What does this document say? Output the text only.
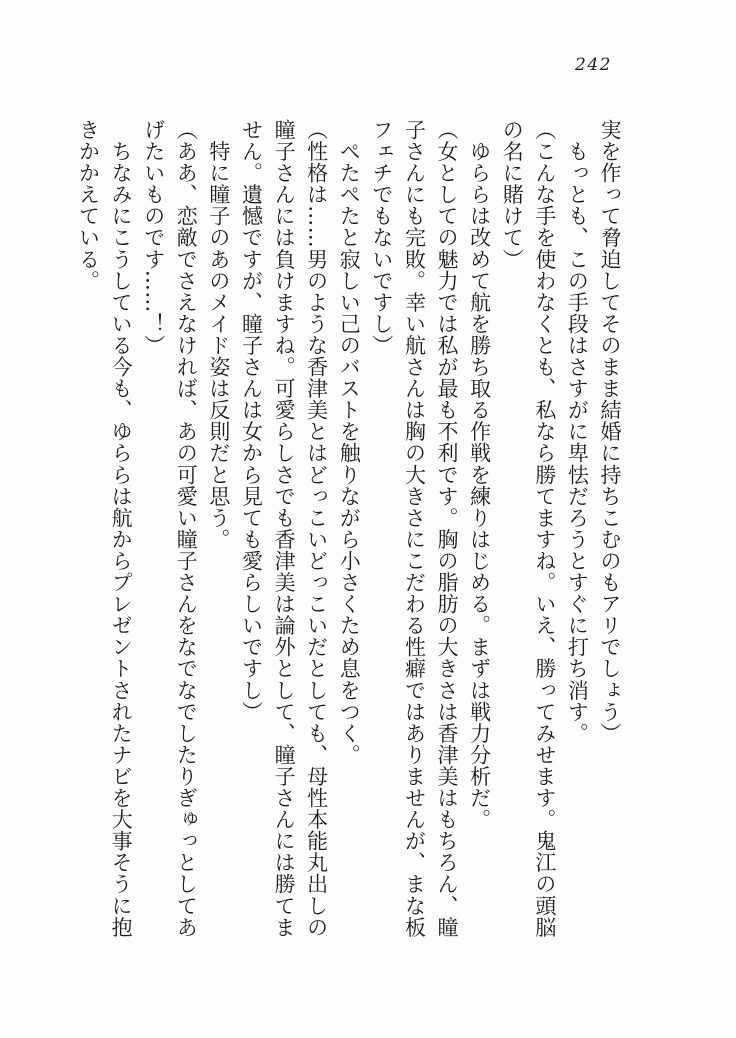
242
実を作って脅迫してそのまま結婚に持ちこむのもアリでしょう）
　もっとも、この手段はさすがに卑怯だろうとすぐに打ち消す。
（こんな手を使わなくとも、私なら勝てますね。いえ、勝ってみせます。鬼江の頭脳
の名に賭けて）
　ゆららは改めて航を勝ち取る作戦を練りはじめる。まずは戦力分析だ。
（女としての魅力では私が最も不利です。胸の脂肪の大きさは香津美はもちろん、瞳
子さんにも完敗。幸い航さんは胸の大きさにこだわる性癖ではありませんが、まな板
フェチでもないですし）
　ぺたぺたと寂しい己のバストを触りながら小さくため息をつく。
（性格は……男のような香津美とはどっこいどっこいだとしても、母性本能丸出しの
瞳子さんには負けますね。可愛らしさでも香津美は論外として、瞳子さんには勝てま
せん。遺憾ですが、瞳子さんは女から見ても愛らしいですし）
　特に瞳子のあのメイド姿は反則だと思う。
（ああ、恋敵でさえなければ、あの可愛い瞳子さんをなでなでしたりぎゅっとしてあ
げたいものです……！）
　ちなみにこうしている今も、ゆららは航からプレゼントされたナビを大事そうに抱
きかかえている。
